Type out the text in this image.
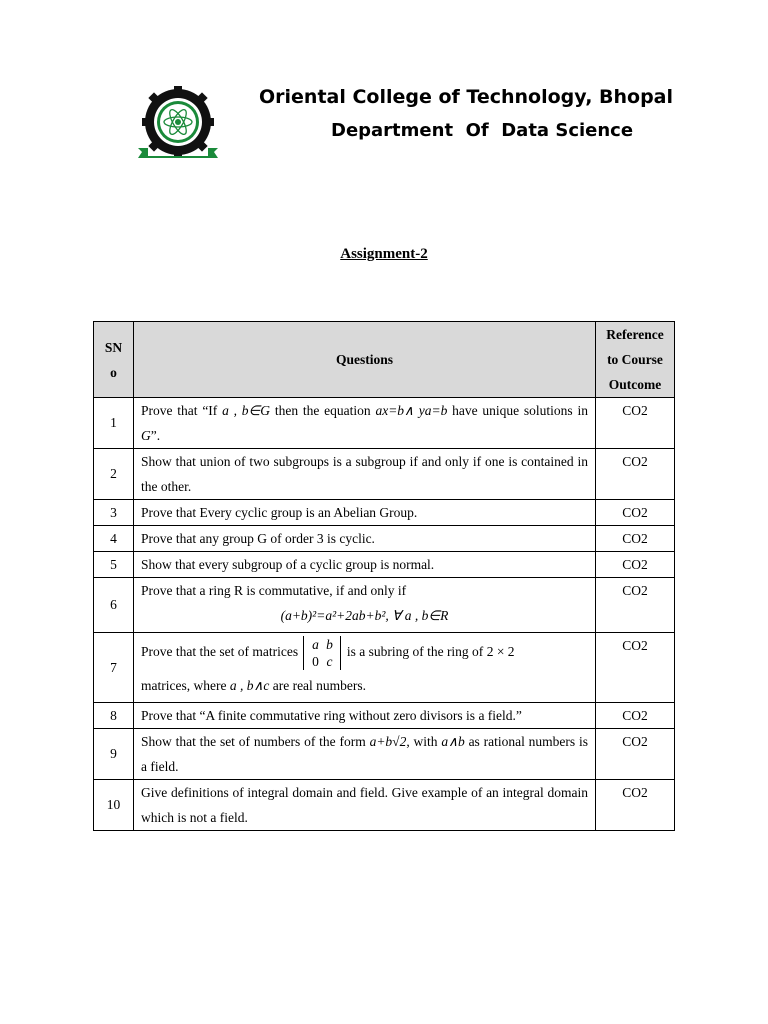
Oriental College of Technology, Bhopal
Department  Of  Data Science
Assignment-2
SN
o	Questions	Reference
to Course
Outcome
1	Prove that “If a , b∈G then the equation ax=b∧ ya=b have unique solutions in G”.	CO2
2	Show that union of two subgroups is a subgroup if and only if one is contained in the other.	CO2
3	Prove that Every cyclic group is an Abelian Group.	CO2
4	Prove that any group G of order 3 is cyclic.	CO2
5	Show that every subgroup of a cyclic group is normal.	CO2
6	Prove that a ring R is commutative, if and only if
(a+b)²=a²+2ab+b², ∀ a , b∈R	CO2
7	Prove that the set of matrices a b
0 c is a subring of the ring of 2 × 2
matrices, where a , b∧c are real numbers.	CO2
8	Prove that “A finite commutative ring without zero divisors is a field.”	CO2
9	Show that the set of numbers of the form a+b√2, with a∧b as rational numbers is a field.	CO2
10	Give definitions of integral domain and field. Give example of an integral domain which is not a field.	CO2
